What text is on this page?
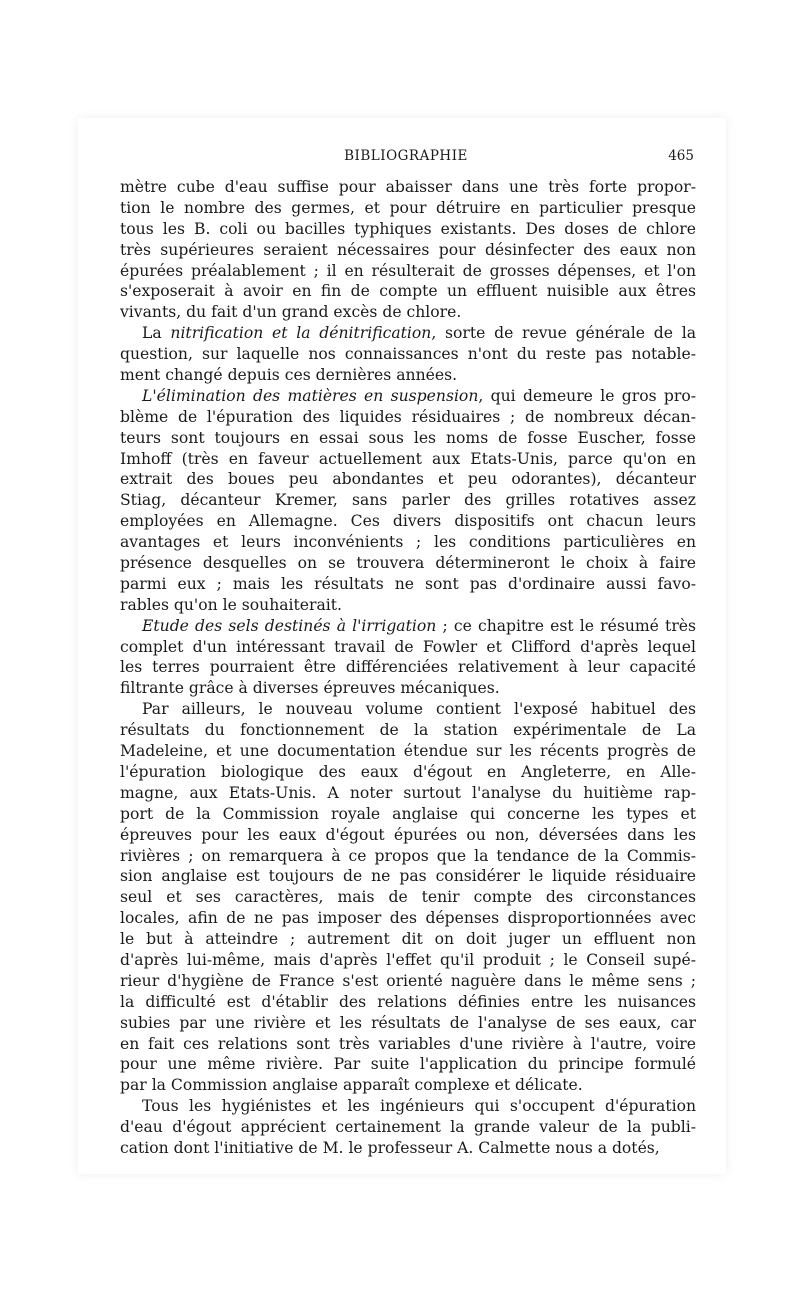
BIBLIOGRAPHIE	465
mètre cube d'eau suffise pour abaisser dans une très forte propor-
tion le nombre des germes, et pour détruire en particulier presque
tous les B. coli ou bacilles typhiques existants. Des doses de chlore
très supérieures seraient nécessaires pour désinfecter des eaux non
épurées préalablement ; il en résulterait de grosses dépenses, et l'on
s'exposerait à avoir en fin de compte un effluent nuisible aux êtres
vivants, du fait d'un grand excès de chlore.
La nitrification et la dénitrification, sorte de revue générale de la
question, sur laquelle nos connaissances n'ont du reste pas notable-
ment changé depuis ces dernières années.
L'élimination des matières en suspension, qui demeure le gros pro-
blème de l'épuration des liquides résiduaires ; de nombreux décan-
teurs sont toujours en essai sous les noms de fosse Euscher, fosse
Imhoff (très en faveur actuellement aux Etats-Unis, parce qu'on en
extrait des boues peu abondantes et peu odorantes), décanteur
Stiag, décanteur Kremer, sans parler des grilles rotatives assez
employées en Allemagne. Ces divers dispositifs ont chacun leurs
avantages et leurs inconvénients ; les conditions particulières en
présence desquelles on se trouvera détermineront le choix à faire
parmi eux ; mais les résultats ne sont pas d'ordinaire aussi favo-
rables qu'on le souhaiterait.
Etude des sels destinés à l'irrigation ; ce chapitre est le résumé très
complet d'un intéressant travail de Fowler et Clifford d'après lequel
les terres pourraient être différenciées relativement à leur capacité
filtrante grâce à diverses épreuves mécaniques.
Par ailleurs, le nouveau volume contient l'exposé habituel des
résultats du fonctionnement de la station expérimentale de La
Madeleine, et une documentation étendue sur les récents progrès de
l'épuration biologique des eaux d'égout en Angleterre, en Alle-
magne, aux Etats-Unis. A noter surtout l'analyse du huitième rap-
port de la Commission royale anglaise qui concerne les types et
épreuves pour les eaux d'égout épurées ou non, déversées dans les
rivières ; on remarquera à ce propos que la tendance de la Commis-
sion anglaise est toujours de ne pas considérer le liquide résiduaire
seul et ses caractères, mais de tenir compte des circonstances
locales, afin de ne pas imposer des dépenses disproportionnées avec
le but à atteindre ; autrement dit on doit juger un effluent non
d'après lui-même, mais d'après l'effet qu'il produit ; le Conseil supé-
rieur d'hygiène de France s'est orienté naguère dans le même sens ;
la difficulté est d'établir des relations définies entre les nuisances
subies par une rivière et les résultats de l'analyse de ses eaux, car
en fait ces relations sont très variables d'une rivière à l'autre, voire
pour une même rivière. Par suite l'application du principe formulé
par la Commission anglaise apparaît complexe et délicate.
Tous les hygiénistes et les ingénieurs qui s'occupent d'épuration
d'eau d'égout apprécient certainement la grande valeur de la publi-
cation dont l'initiative de M. le professeur A. Calmette nous a dotés,
